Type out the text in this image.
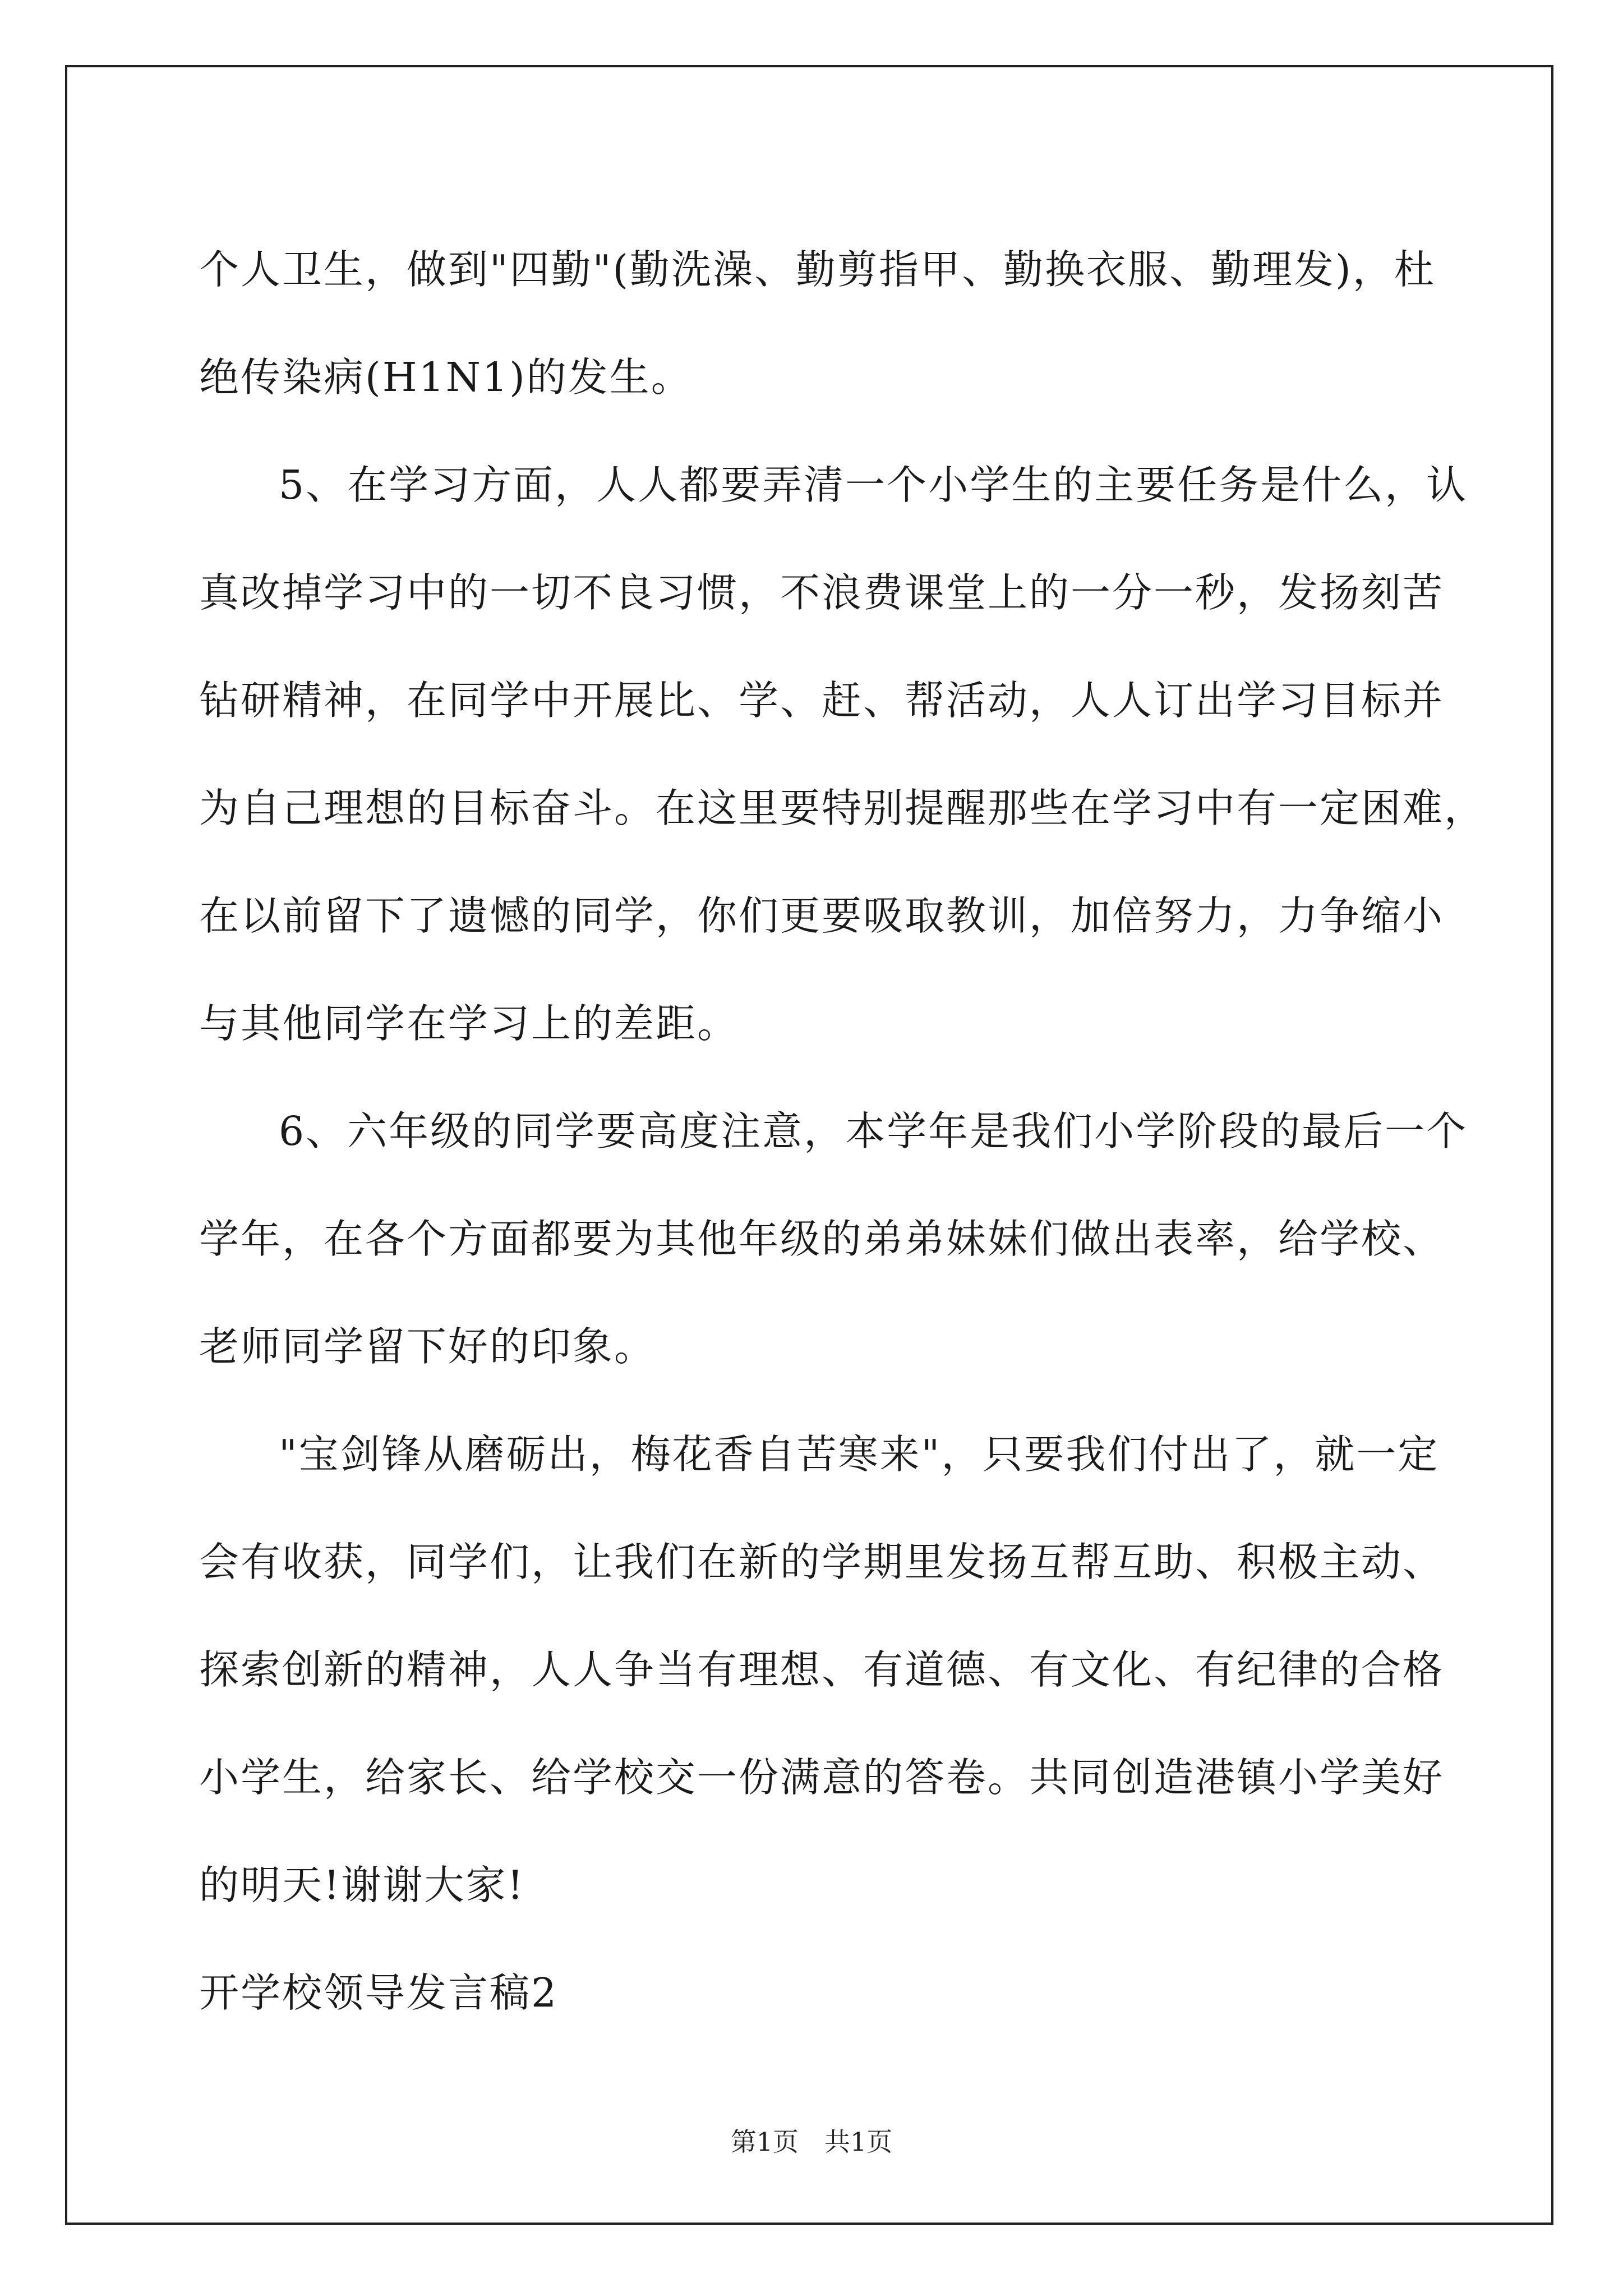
个人卫生，做到"四勤"(勤洗澡、勤剪指甲、勤换衣服、勤理发)，杜
绝传染病(H1N1)的发生。
5、在学习方面，人人都要弄清一个小学生的主要任务是什么，认
真改掉学习中的一切不良习惯，不浪费课堂上的一分一秒，发扬刻苦
钻研精神，在同学中开展比、学、赶、帮活动，人人订出学习目标并
为自己理想的目标奋斗。在这里要特别提醒那些在学习中有一定困难，
在以前留下了遗憾的同学，你们更要吸取教训，加倍努力，力争缩小
与其他同学在学习上的差距。
6、六年级的同学要高度注意，本学年是我们小学阶段的最后一个
学年，在各个方面都要为其他年级的弟弟妹妹们做出表率，给学校、
老师同学留下好的印象。
"宝剑锋从磨砺出，梅花香自苦寒来"，只要我们付出了，就一定
会有收获，同学们，让我们在新的学期里发扬互帮互助、积极主动、
探索创新的精神，人人争当有理想、有道德、有文化、有纪律的合格
小学生，给家长、给学校交一份满意的答卷。共同创造港镇小学美好
的明天!谢谢大家!
开学校领导发言稿2
第1页　共1页
